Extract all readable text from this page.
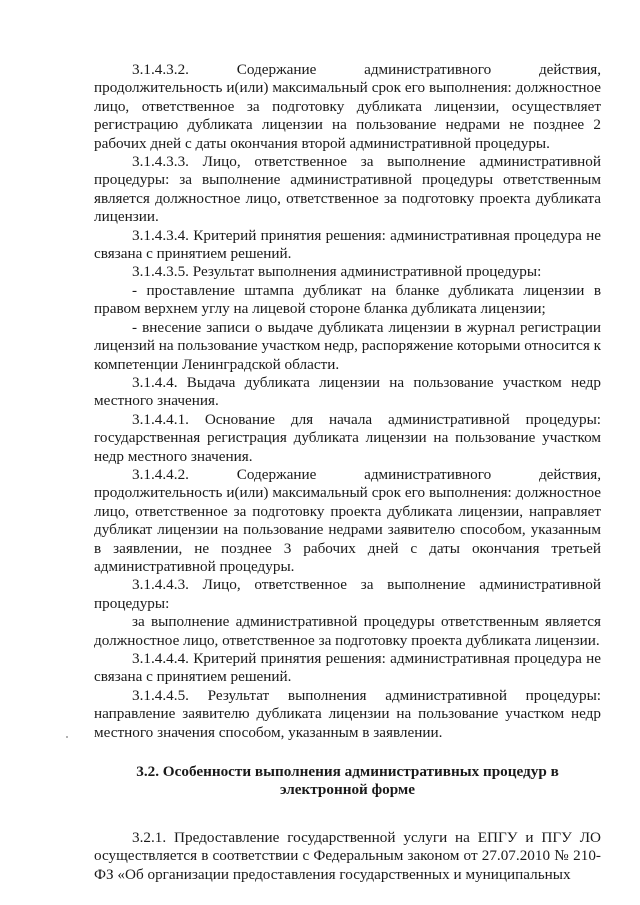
3.1.4.3.2. Содержание административного действия, продолжительность и(или) максимальный срок его выполнения: должностное лицо, ответственное за подготовку дубликата лицензии, осуществляет регистрацию дубликата лицензии на пользование недрами не позднее 2 рабочих дней с даты окончания второй административной процедуры.

3.1.4.3.3. Лицо, ответственное за выполнение административной процедуры: за выполнение административной процедуры ответственным является должностное лицо, ответственное за подготовку проекта дубликата лицензии.

3.1.4.3.4. Критерий принятия решения: административная процедура не связана с принятием решений.

3.1.4.3.5. Результат выполнения административной процедуры:

- проставление штампа дубликат на бланке дубликата лицензии в правом верхнем углу на лицевой стороне бланка дубликата лицензии;

- внесение записи о выдаче дубликата лицензии в журнал регистрации лицензий на пользование участком недр, распоряжение которыми относится к компетенции Ленинградской области.

3.1.4.4. Выдача дубликата лицензии на пользование участком недр местного значения.

3.1.4.4.1. Основание для начала административной процедуры: государственная регистрация дубликата лицензии на пользование участком недр местного значения.

3.1.4.4.2. Содержание административного действия, продолжительность и(или) максимальный срок его выполнения: должностное лицо, ответственное за подготовку проекта дубликата лицензии, направляет дубликат лицензии на пользование недрами заявителю способом, указанным в заявлении, не позднее 3 рабочих дней с даты окончания третьей административной процедуры.

3.1.4.4.3. Лицо, ответственное за выполнение административной процедуры:

за выполнение административной процедуры ответственным является должностное лицо, ответственное за подготовку проекта дубликата лицензии.

3.1.4.4.4. Критерий принятия решения: административная процедура не связана с принятием решений.

3.1.4.4.5. Результат выполнения административной процедуры: направление заявителю дубликата лицензии на пользование участком недр местного значения способом, указанным в заявлении.

3.2. Особенности выполнения административных процедур в электронной форме

3.2.1. Предоставление государственной услуги на ЕПГУ и ПГУ ЛО осуществляется в соответствии с Федеральным законом от 27.07.2010 № 210-ФЗ «Об организации предоставления государственных и муниципальных
